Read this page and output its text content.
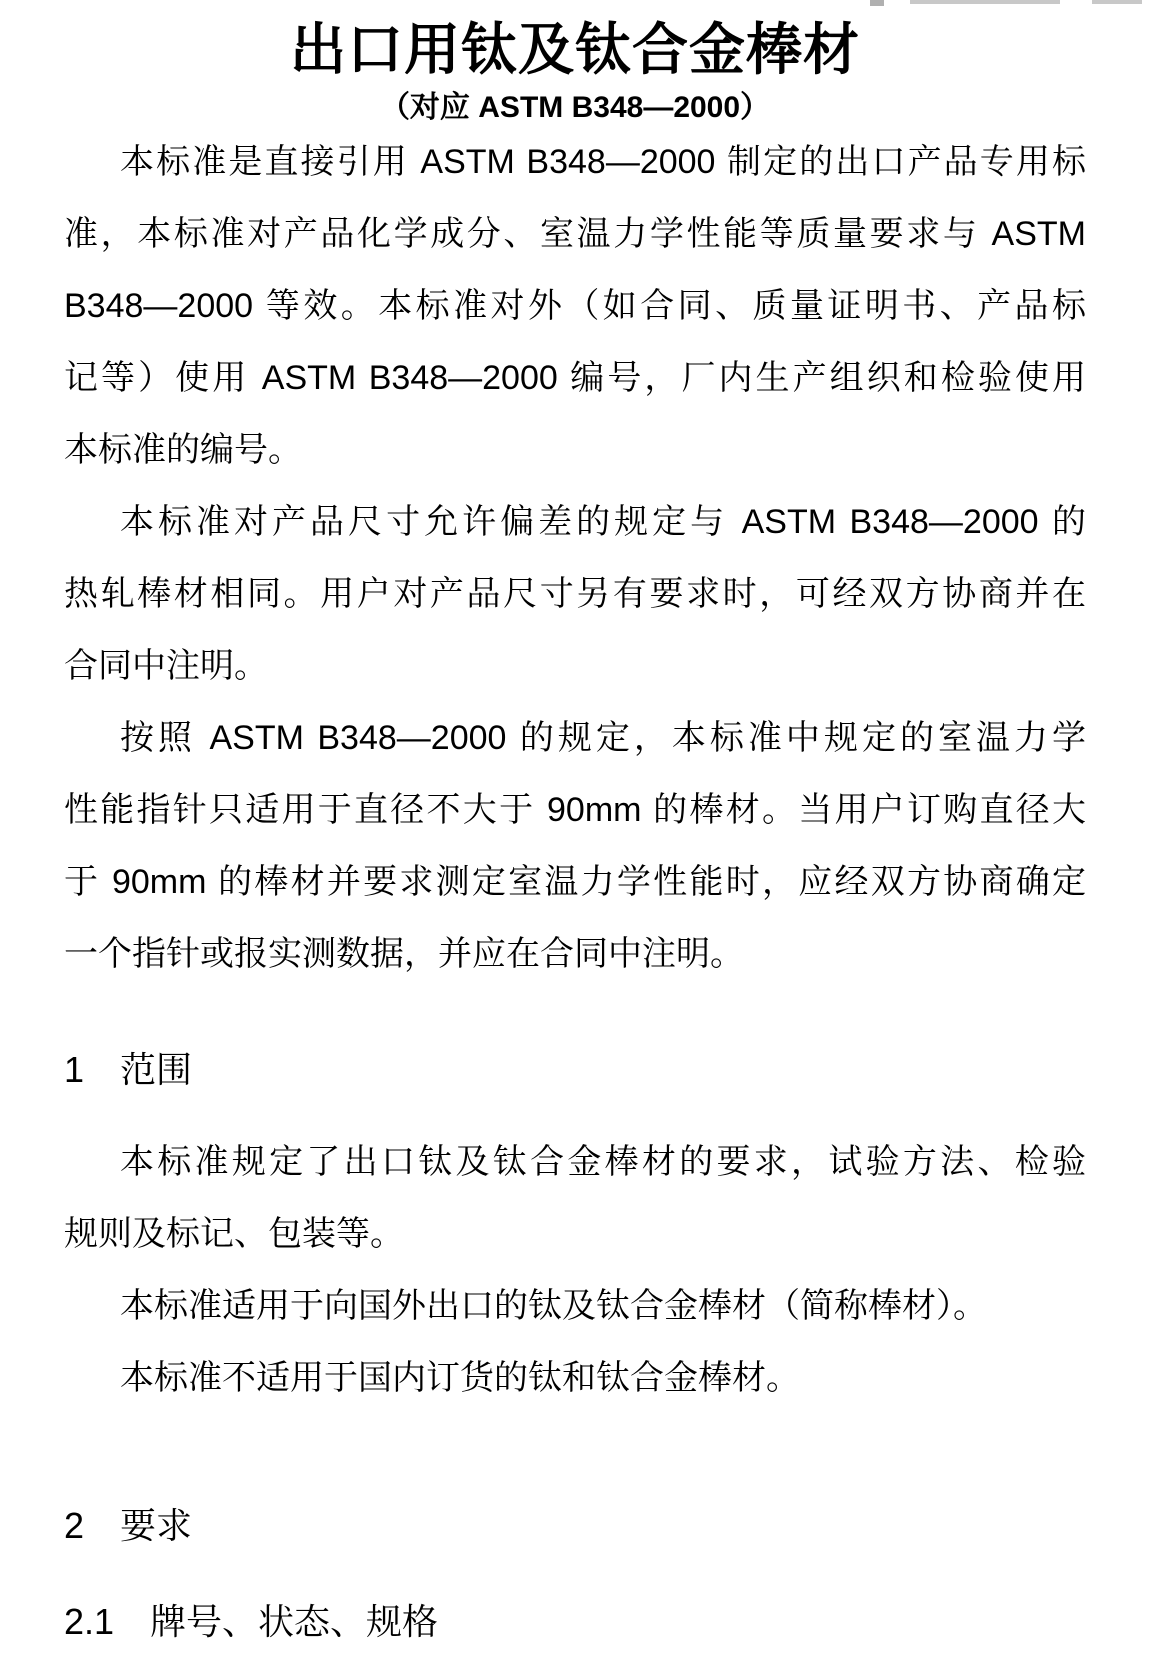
出口用钛及钛合金棒材
（对应 ASTM B348—2000）

本标准是直接引用 ASTM B348—2000 制定的出口产品专用标
准，本标准对产品化学成分、室温力学性能等质量要求与 ASTM
B348—2000 等效。本标准对外（如合同、质量证明书、产品标
记等）使用 ASTM B348—2000 编号，厂内生产组织和检验使用
本标准的编号。

本标准对产品尺寸允许偏差的规定与 ASTM B348—2000 的
热轧棒材相同。用户对产品尺寸另有要求时，可经双方协商并在
合同中注明。

按照 ASTM B348—2000 的规定，本标准中规定的室温力学
性能指针只适用于直径不大于 90mm 的棒材。当用户订购直径大
于 90mm 的棒材并要求测定室温力学性能时，应经双方协商确定
一个指针或报实测数据，并应在合同中注明。

1　范围

本标准规定了出口钛及钛合金棒材的要求，试验方法、检验
规则及标记、包装等。

本标准适用于向国外出口的钛及钛合金棒材（简称棒材）。

本标准不适用于国内订货的钛和钛合金棒材。

2　要求
2.1　牌号、状态、规格
